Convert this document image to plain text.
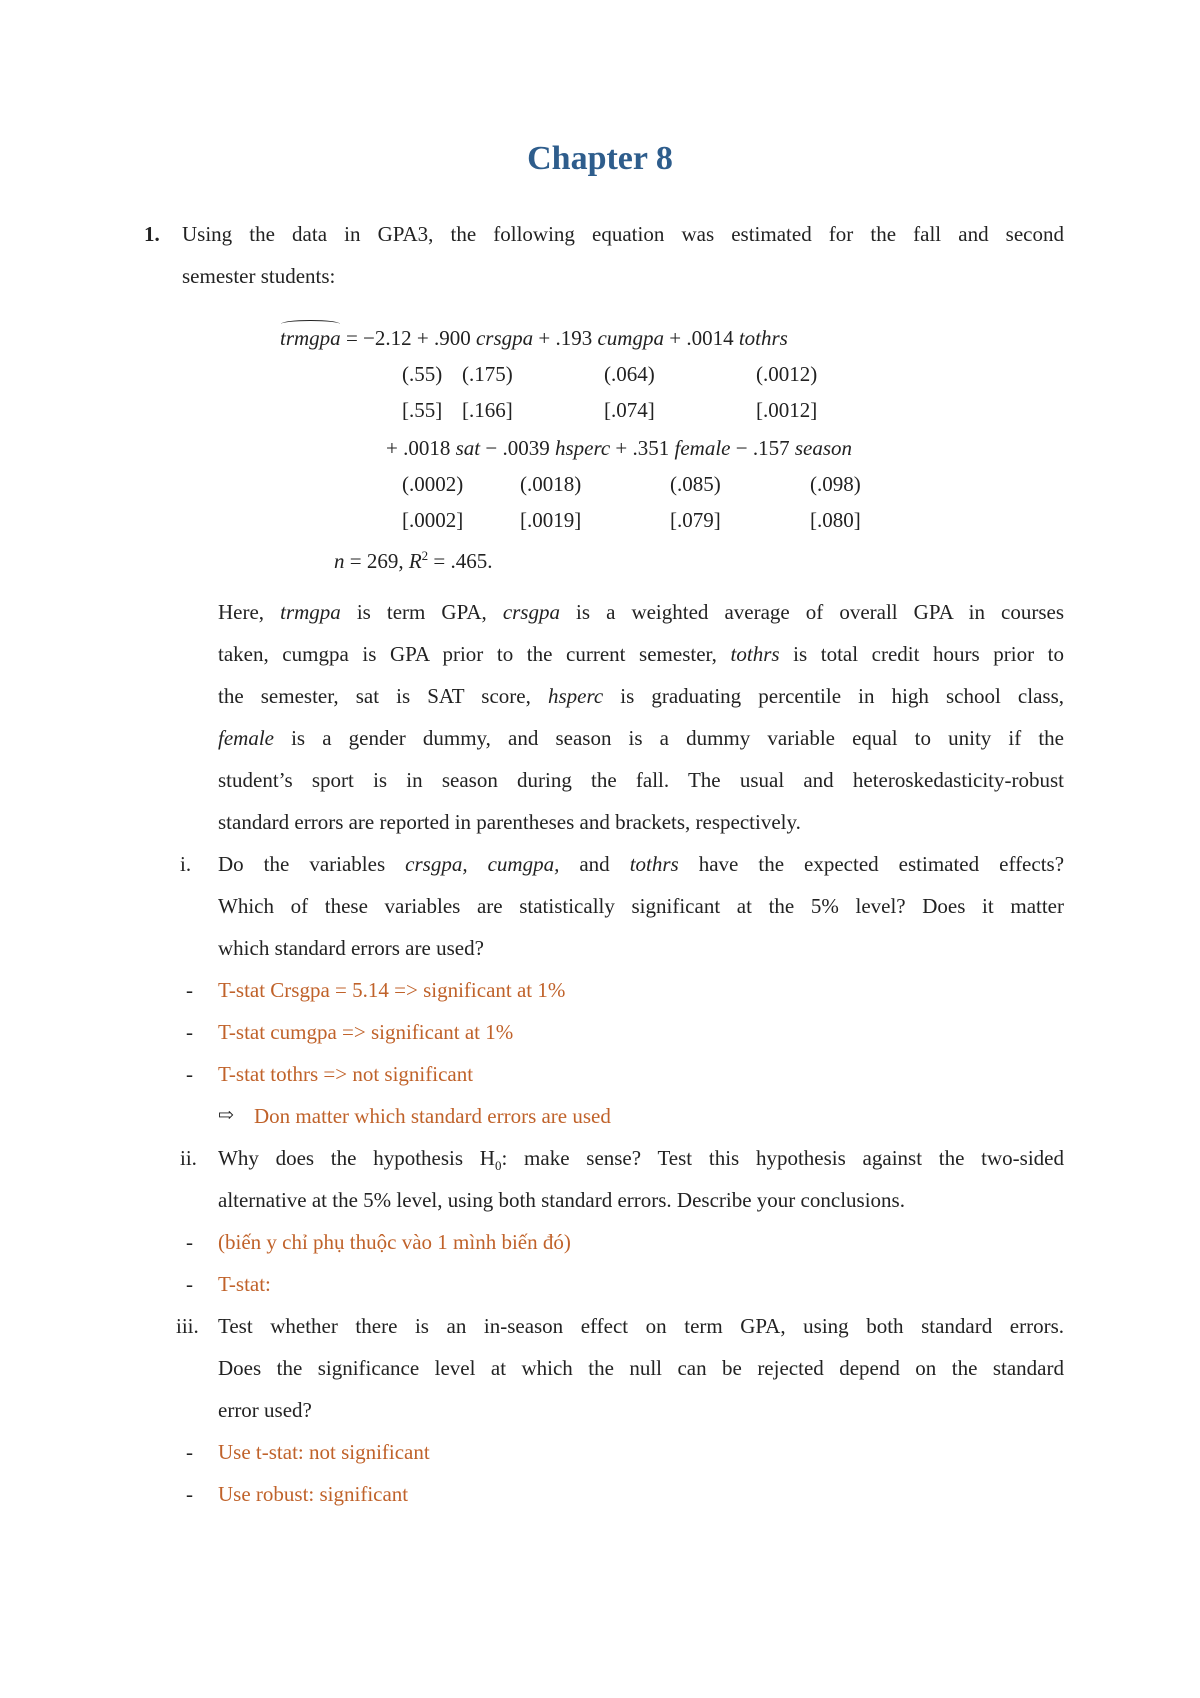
Chapter 8
1. Using the data in GPA3, the following equation was estimated for the fall and second
semester students:
trmgpa = −2.12 + .900 crsgpa + .193 cumgpa + .0014 tothrs
(.55) (.175)	(.064)	(.0012)
[.55] [.166]	[.074]	[.0012]
+ .0018 sat − .0039 hsperc + .351 female − .157 season
(.0002)	(.0018)	(.085)	(.098)
[.0002]	[.0019]	[.079]	[.080]
n = 269, $R^2 = .465$.
Here, trmgpa is term GPA, crsgpa is a weighted average of overall GPA in courses
taken, cumgpa is GPA prior to the current semester, tothrs is total credit hours prior to
the semester, sat is SAT score, hsperc is graduating percentile in high school class,
female is a gender dummy, and season is a dummy variable equal to unity if the
student’s sport is in season during the fall. The usual and heteroskedasticity-robust
standard errors are reported in parentheses and brackets, respectively.
i. Do the variables crsgpa, cumgpa, and tothrs have the expected estimated effects?
Which of these variables are statistically significant at the 5% level? Does it matter
which standard errors are used?
- T-stat Crsgpa = 5.14 => significant at 1%
- T-stat cumgpa => significant at 1%
- T-stat tothrs => not significant
⇨ Don matter which standard errors are used
ii. Why does the hypothesis $H_0$: make sense? Test this hypothesis against the two-sided
alternative at the 5% level, using both standard errors. Describe your conclusions.
- (biến y chỉ phụ thuộc vào 1 mình biến đó)
- T-stat:
iii. Test whether there is an in-season effect on term GPA, using both standard errors.
Does the significance level at which the null can be rejected depend on the standard
error used?
- Use t-stat: not significant
- Use robust: significant
